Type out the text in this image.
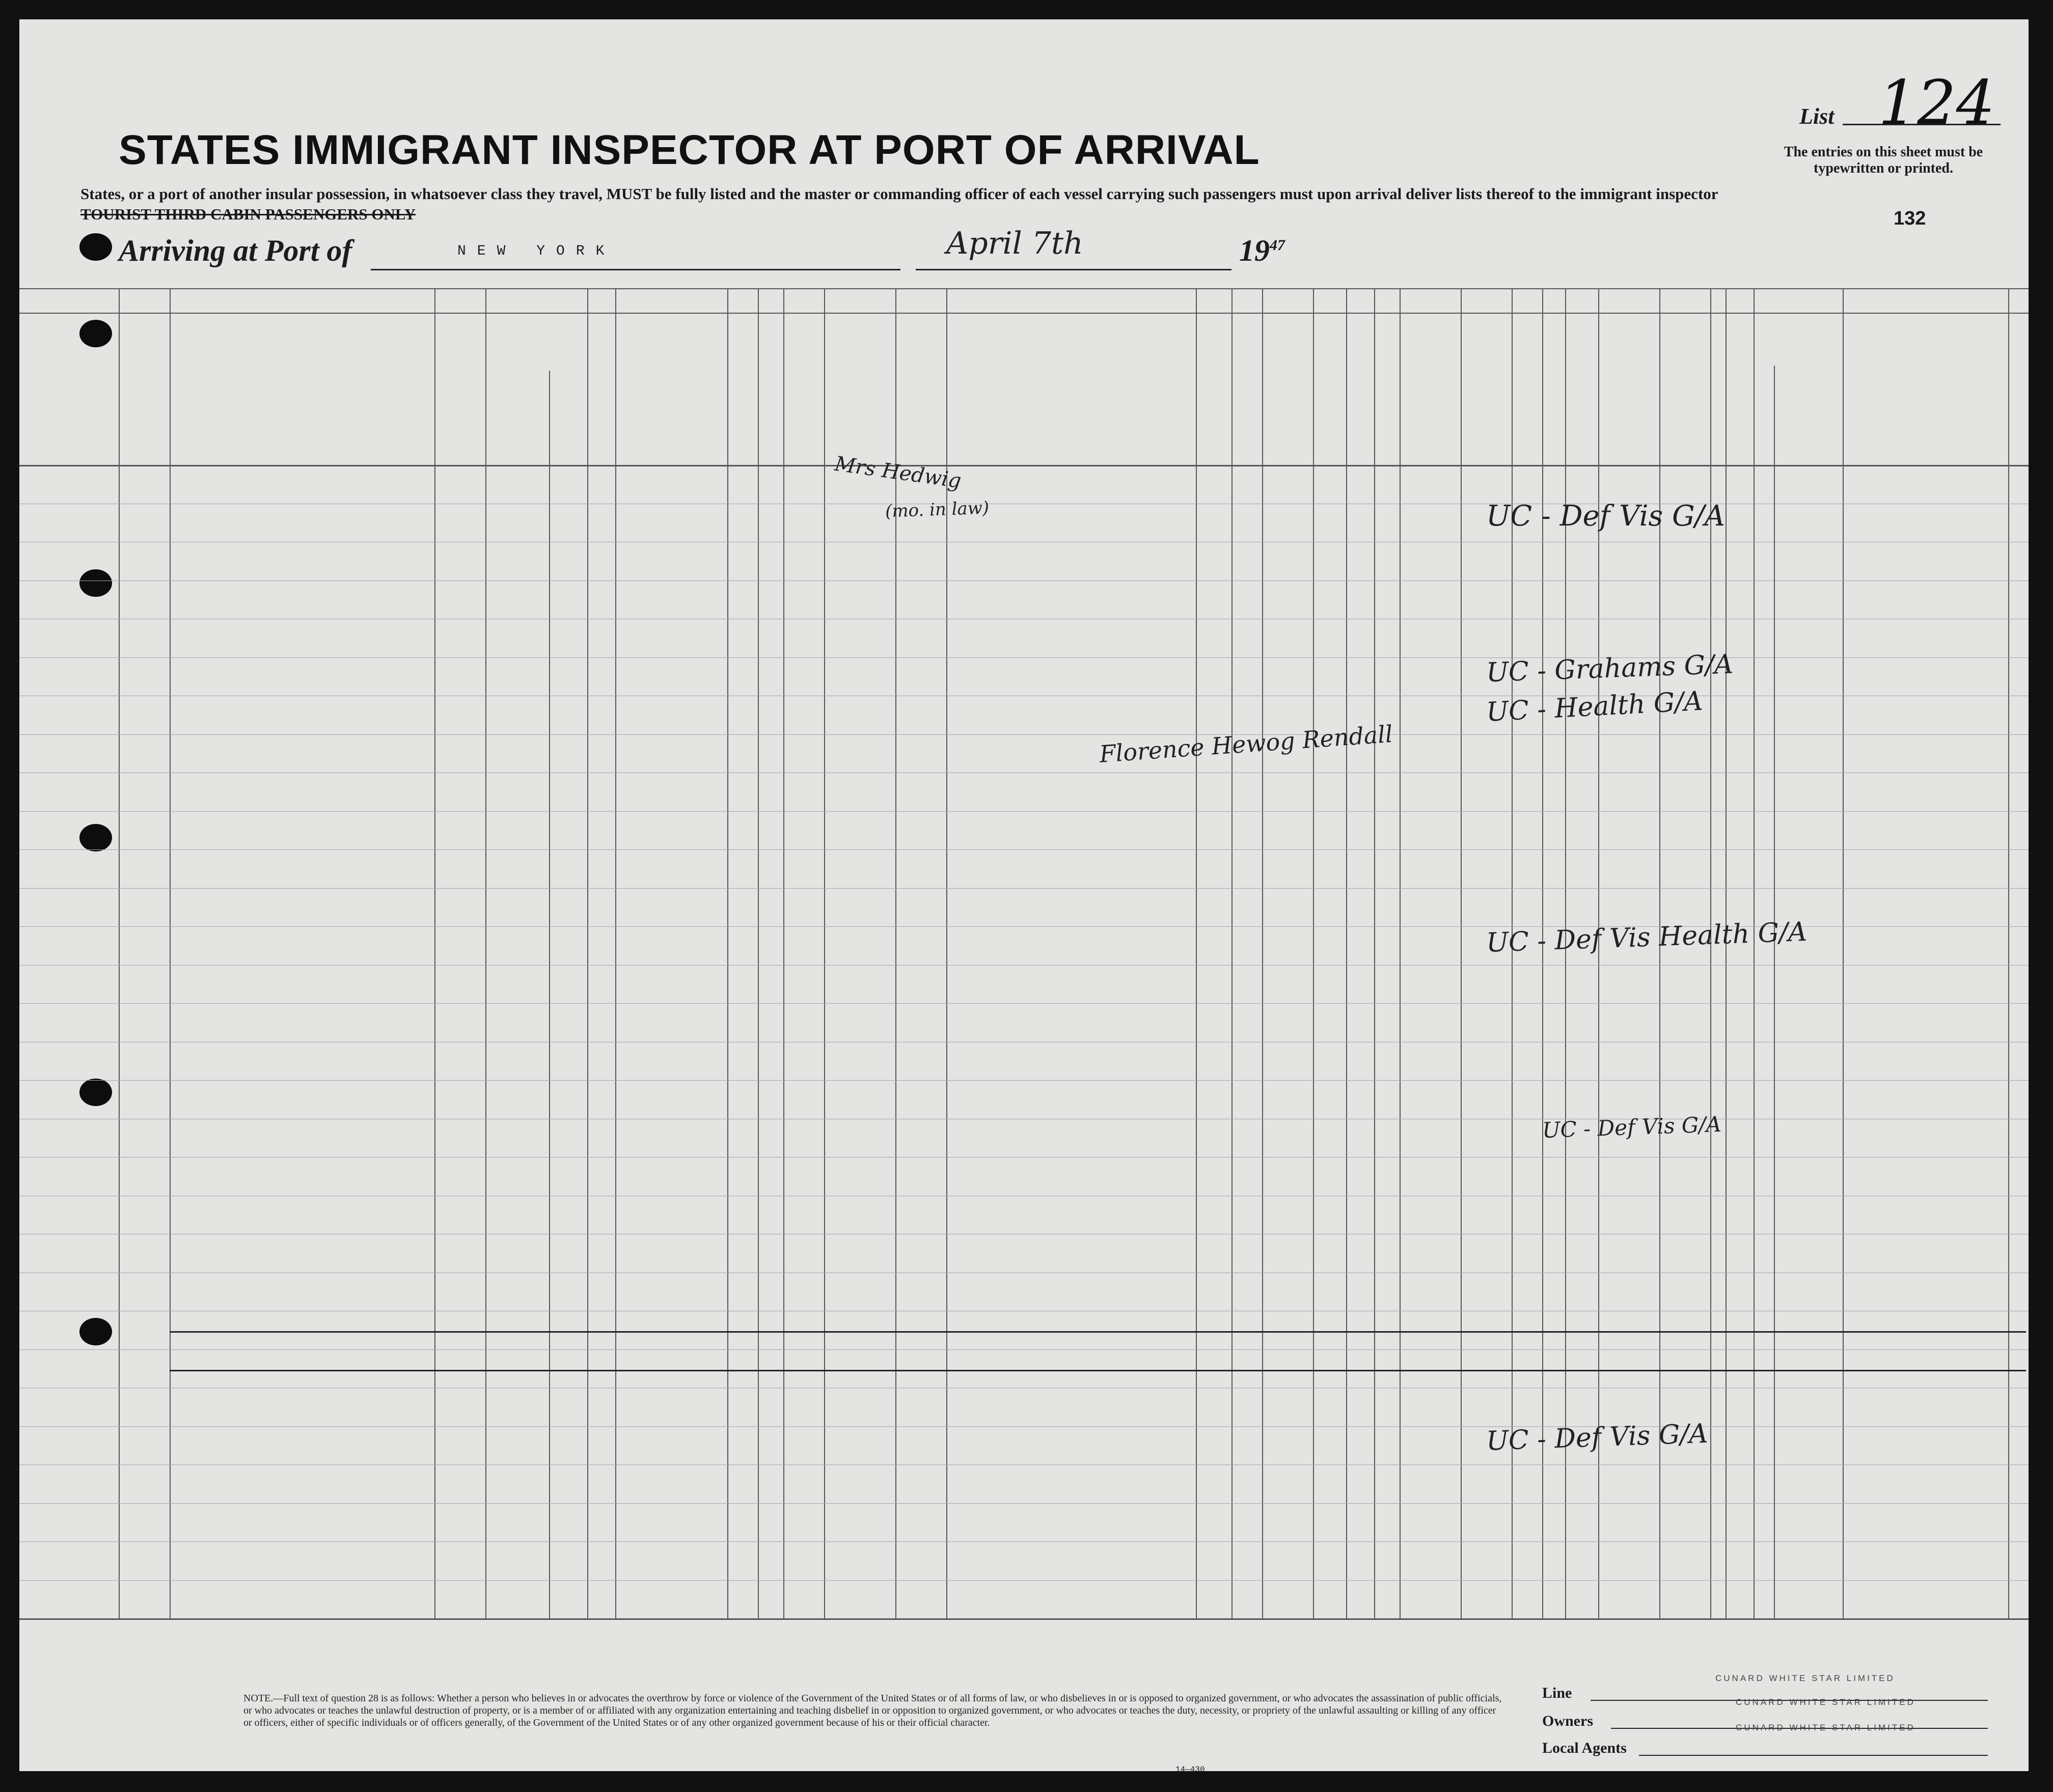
STATES IMMIGRANT INSPECTOR AT PORT OF ARRIVAL
States, or a port of another insular possession, in whatsoever class they travel, MUST be fully listed and the master or commanding officer of each vessel carrying such passengers must upon arrival deliver lists thereof to the immigrant inspector
TOURIST THIRD CABIN PASSENGERS ONLY
Arriving at Port of	NEW YORK	April 7th	$19^{47}$
List 124
The entries on this sheet must be typewritten or printed.
132
Mrs Hedwig
(mo. in law)	UC - Def Vis G/A
UC - Grahams G/A
UC - Health G/A
Florence Hewog Rendall
UC - Def Vis Health G/A
UC - Def Vis G/A
UC - Def Vis G/A
NOTE.—Full text of question 28 is as follows: Whether a person who believes in or advocates the overthrow by force or violence of the Government of the United States or of all forms of law, or who disbelieves in or is opposed to organized government, or who advocates the assassination of public officials, or who advocates or teaches the unlawful destruction of property, or is a member of or affiliated with any organization entertaining and teaching disbelief in or opposition to organized government, or who advocates or teaches the duty, necessity, or propriety of the unlawful assaulting or killing of any officer or officers, either of specific individuals or of officers generally, of the Government of the United States or of any other organized government because of his or their official character.
14—430
CUNARD WHITE STAR LIMITED
Line
CUNARD WHITE STAR LIMITED
Owners	CUNARD WHITE STAR LIMITED
Local Agents
